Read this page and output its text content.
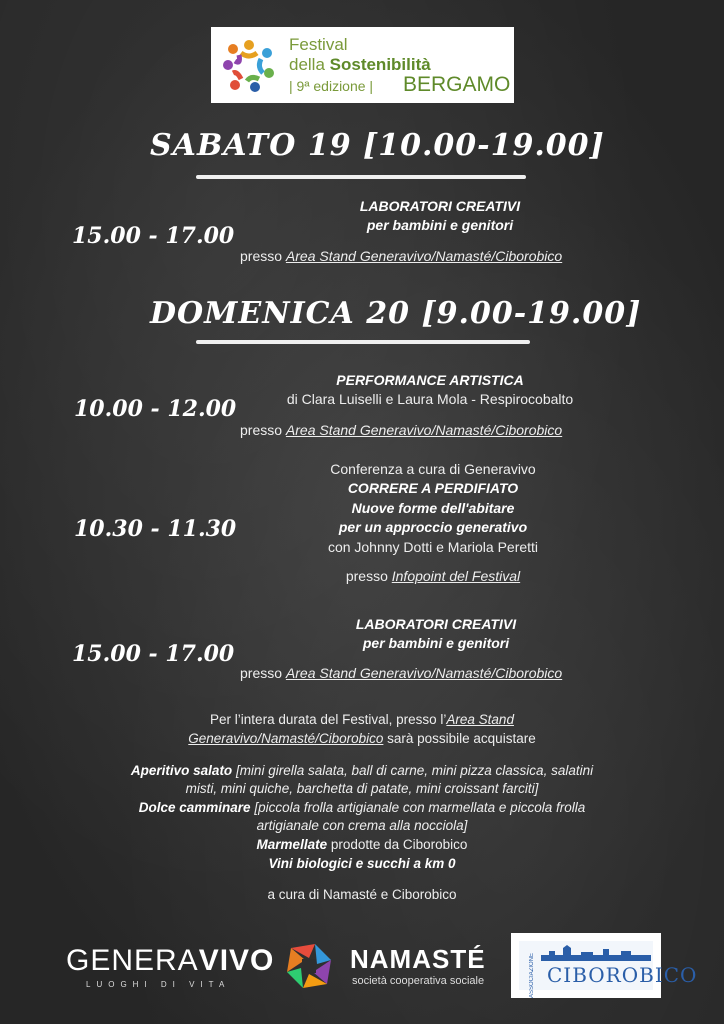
Festival
della Sostenibilità
| 9ª edizione | BERGAMO
SABATO 19 [10.00-19.00]
15.00 - 17.00
LABORATORI CREATIVI
per bambini e genitori
presso Area Stand Generavivo/Namasté/Ciborobico
DOMENICA 20 [9.00-19.00]
10.00 - 12.00
PERFORMANCE ARTISTICA
di Clara Luiselli e Laura Mola - Respirocobalto
presso Area Stand Generavivo/Namasté/Ciborobico
10.30 - 11.30
Conferenza a cura di Generavivo
CORRERE A PERDIFIATO
Nuove forme dell'abitare
per un approccio generativo
con Johnny Dotti e Mariola Peretti
presso Infopoint del Festival
15.00 - 17.00
LABORATORI CREATIVI
per bambini e genitori
presso Area Stand Generavivo/Namasté/Ciborobico
Per l’intera durata del Festival, presso l’Area Stand
Generavivo/Namasté/Ciborobico sarà possibile acquistare
Aperitivo salato [mini girella salata, ball di carne, mini pizza classica, salatini
misti, mini quiche, barchetta di patate, mini croissant farciti]
Dolce camminare [piccola frolla artigianale con marmellata e piccola frolla
artigianale con crema alla nocciola]
Marmellate prodotte da Ciborobico
Vini biologici e succhi a km 0
a cura di Namasté e Ciborobico
GENERAVIVO
LUOGHI DI VITA
NAMASTÉ
società cooperativa sociale	ASSOCIAZIONE CIBOROBICO
